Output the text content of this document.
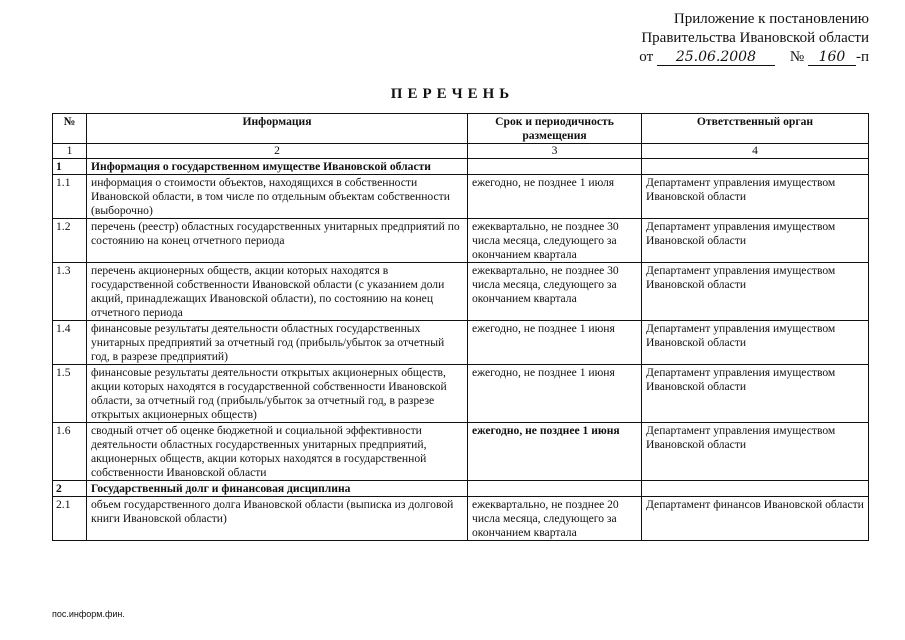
Приложение к постановлению
Правительства Ивановской области
от 25.06.2008 № 160 -п
ПЕРЕЧЕНЬ
№	Информация	Срок и периодичность размещения	Ответственный орган
1	2	3	4
1	Информация о государственном имуществе Ивановской области		
1.1	информация о стоимости объектов, находящихся в собственности Ивановской области, в том числе по отдельным объектам собственности (выборочно)	ежегодно, не позднее 1 июля	Департамент управления имуществом Ивановской области
1.2	перечень (реестр) областных государственных унитарных предприятий по состоянию на конец отчетного периода	ежеквартально, не позднее 30 числа месяца, следующего за окончанием квартала	Департамент управления имуществом Ивановской области
1.3	перечень акционерных обществ, акции которых находятся в государственной собственности Ивановской области (с указанием доли акций, принадлежащих Ивановской области), по состоянию на конец отчетного периода	ежеквартально, не позднее 30 числа месяца, следующего за окончанием квартала	Департамент управления имуществом Ивановской области
1.4	финансовые результаты деятельности областных государственных унитарных предприятий за отчетный год (прибыль/убыток за отчетный год, в разрезе предприятий)	ежегодно, не позднее 1 июня	Департамент управления имуществом Ивановской области
1.5	финансовые результаты деятельности открытых акционерных обществ, акции которых находятся в государственной собственности Ивановской области, за отчетный год (прибыль/убыток за отчетный год, в разрезе открытых акционерных обществ)	ежегодно, не позднее 1 июня	Департамент управления имуществом Ивановской области
1.6	сводный отчет об оценке бюджетной и социальной эффективности деятельности областных государственных унитарных предприятий, акционерных обществ, акции которых находятся в государственной собственности Ивановской области	ежегодно, не позднее 1 июня	Департамент управления имуществом Ивановской области
2	Государственный долг и финансовая дисциплина		
2.1	объем государственного долга Ивановской области (выписка из долговой книги Ивановской области)	ежеквартально, не позднее 20 числа месяца, следующего за окончанием квартала	Департамент финансов Ивановской области
пос.информ.фин.
